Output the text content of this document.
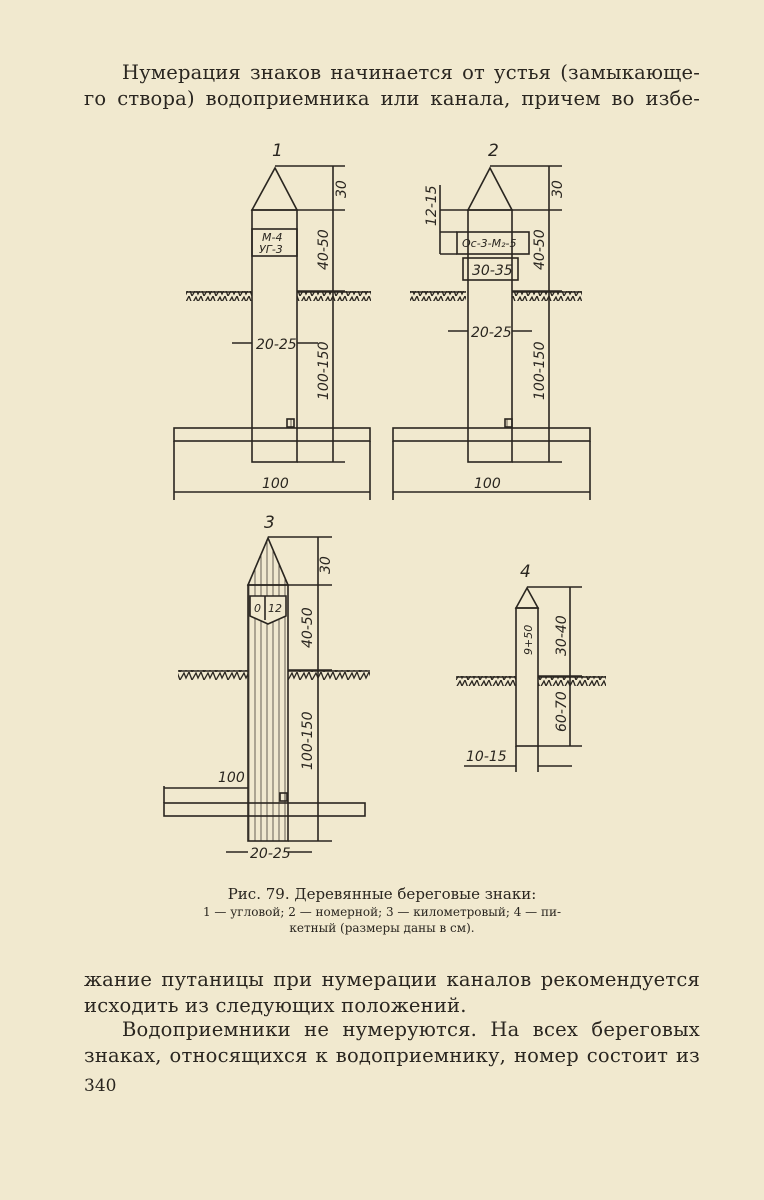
Нумерация знаков начинается от устья (замыкающе-
го створа) водоприемника или канала, причем во избе-
1
М-4
УГ-3
30
40-50
100-150
20-25
100
2
Ос-3-М₂-5
30-35
12-15	30
40-50
100-150
20-25
100
3
0 12
30
40-50
100-150
100
20-25
4
9+50 30-40
60-70
10-15
Рис. 79. Деревянные береговые знаки:
1 — угловой; 2 — номерной; 3 — километровый; 4 — пи-
кетный (размеры даны в см).
жание путаницы при нумерации каналов рекомендуется
исходить из следующих положений.
Водоприемники не нумеруются. На всех береговых
знаках, относящихся к водоприемнику, номер состоит из
340
